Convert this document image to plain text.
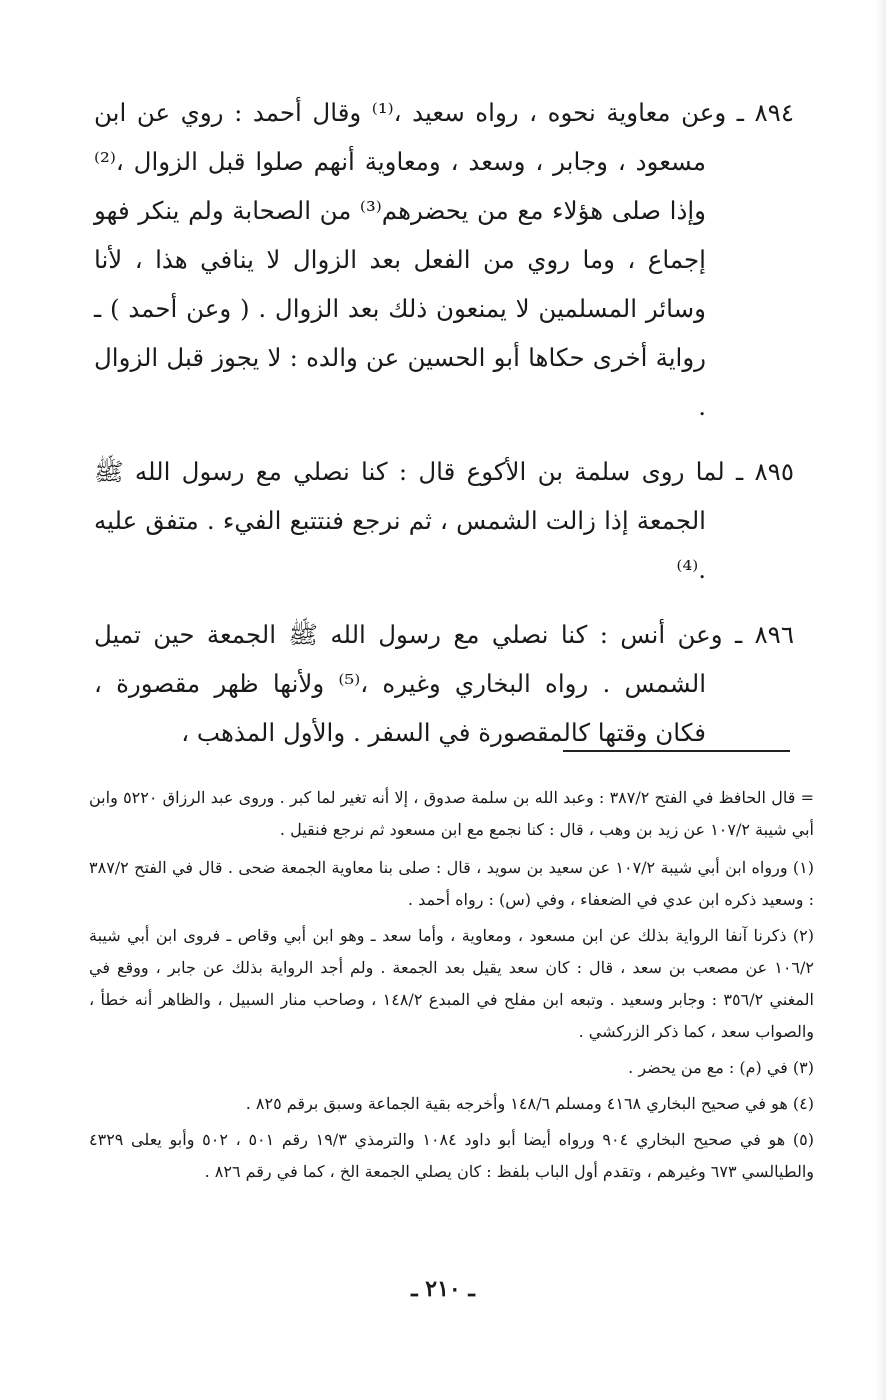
٨٩٤ ـ وعن معاوية نحوه ، رواه سعيد ،⁽¹⁾ وقال أحمد : روي عن ابن مسعود ، وجابر ، وسعد ، ومعاوية أنهم صلوا قبل الزوال ،⁽²⁾ وإذا صلى هؤلاء مع من يحضرهم⁽³⁾ من الصحابة ولم ينكر فهو إجماع ، وما روي من الفعل بعد الزوال لا ينافي هذا ، لأنا وسائر المسلمين لا يمنعون ذلك بعد الزوال . ( وعن أحمد ) ـ رواية أخرى حكاها أبو الحسين عن والده : لا يجوز قبل الزوال .

٨٩٥ ـ لما روى سلمة بن الأكوع قال : كنا نصلي مع رسول الله ﷺ الجمعة إذا زالت الشمس ، ثم نرجع فنتتبع الفيء . متفق عليه .⁽⁴⁾

٨٩٦ ـ وعن أنس : كنا نصلي مع رسول الله ﷺ الجمعة حين تميل الشمس . رواه البخاري وغيره ،⁽⁵⁾ ولأنها ظهر مقصورة ، فكان وقتها كالمقصورة في السفر . والأول المذهب ،

= قال الحافظ في الفتح ٣٨٧/٢ : وعبد الله بن سلمة صدوق ، إلا أنه تغير لما كبر . وروى عبد الرزاق ٥٢٢٠ وابن أبي شيبة ١٠٧/٢ عن زيد بن وهب ، قال : كنا نجمع مع ابن مسعود ثم نرجع فنقيل .

(١) ورواه ابن أبي شيبة ١٠٧/٢ عن سعيد بن سويد ، قال : صلى بنا معاوية الجمعة ضحى . قال في الفتح ٣٨٧/٢ : وسعيد ذكره ابن عدي في الضعفاء ، وفي (س) : رواه أحمد .

(٢) ذكرنا آنفا الرواية بذلك عن ابن مسعود ، ومعاوية ، وأما سعد ـ وهو ابن أبي وقاص ـ فروى ابن أبي شيبة ١٠٦/٢ عن مصعب بن سعد ، قال : كان سعد يقيل بعد الجمعة . ولم أجد الرواية بذلك عن جابر ، ووقع في المغني ٣٥٦/٢ : وجابر وسعيد . وتبعه ابن مفلح في المبدع ١٤٨/٢ ، وصاحب منار السبيل ، والظاهر أنه خطأ ، والصواب سعد ، كما ذكر الزركشي .

(٣) في (م) : مع من يحضر .

(٤) هو في صحيح البخاري ٤١٦٨ ومسلم ١٤٨/٦ وأخرجه بقية الجماعة وسبق برقم ٨٢٥ .

(٥) هو في صحيح البخاري ٩٠٤ ورواه أيضا أبو داود ١٠٨٤ والترمذي ١٩/٣ رقم ٥٠١ ، ٥٠٢ وأبو يعلى ٤٣٢٩ والطيالسي ٦٧٣ وغيرهم ، وتقدم أول الباب بلفظ : كان يصلي الجمعة الخ ، كما في رقم ٨٢٦ .

ـ ٢١٠ ـ
